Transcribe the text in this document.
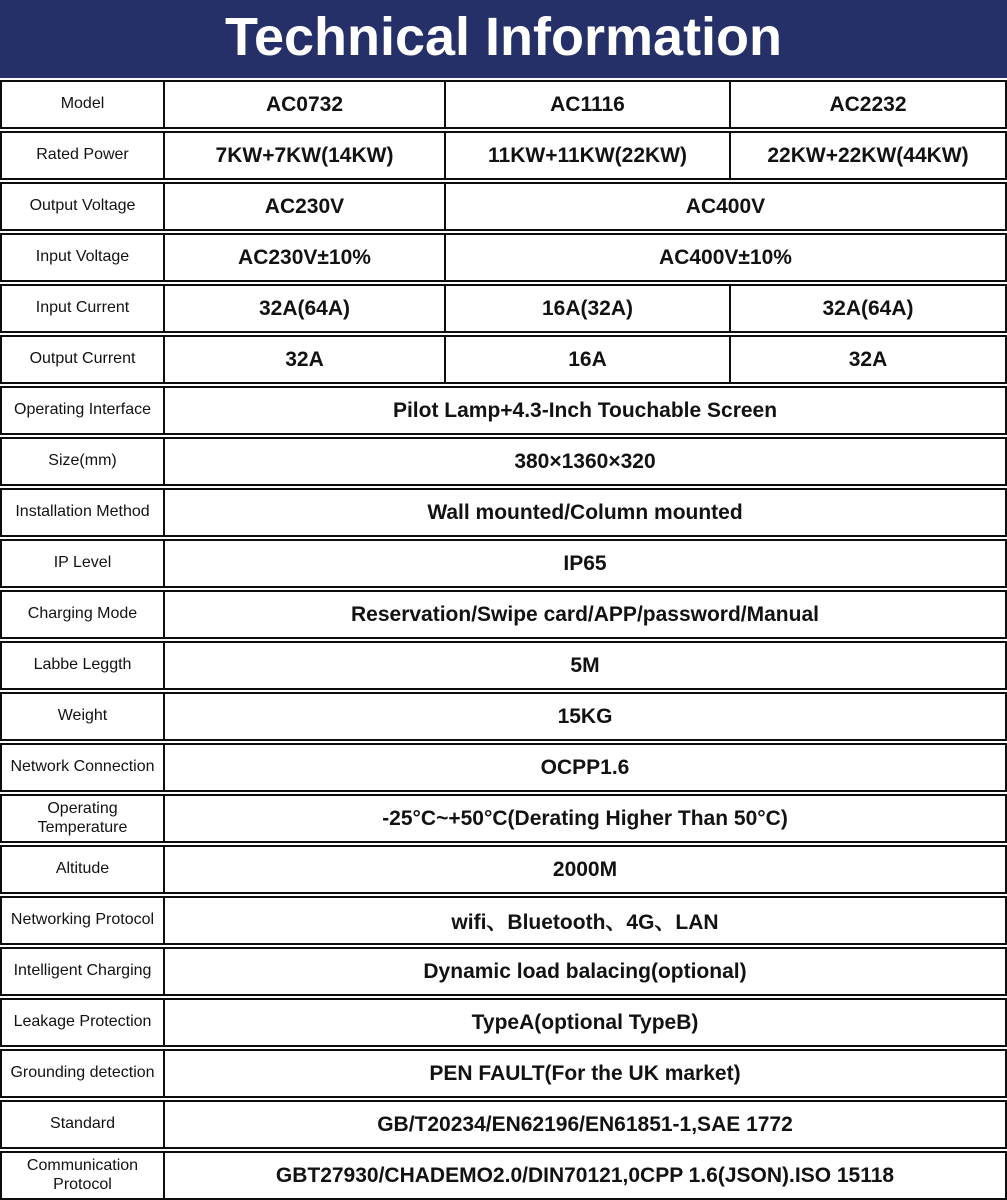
Technical Information
Model	AC0732	AC1116	AC2232
Rated Power	7KW+7KW(14KW)	11KW+11KW(22KW)	22KW+22KW(44KW)
Output Voltage	AC230V	AC400V
Input Voltage	AC230V±10%	AC400V±10%
Input Current	32A(64A)	16A(32A)	32A(64A)
Output Current	32A	16A	32A
Operating Interface	Pilot Lamp+4.3-Inch Touchable Screen
Size(mm)	380×1360×320
Installation Method	Wall mounted/Column mounted
IP Level	IP65
Charging Mode	Reservation/Swipe card/APP/password/Manual
Labbe Leggth	5M
Weight	15KG
Network Connection	OCPP1.6
Operating Temperature	-25°C~+50°C(Derating Higher Than 50°C)
Altitude	2000M
Networking Protocol	wifi、Bluetooth、4G、LAN
Intelligent Charging	Dynamic load balacing(optional)
Leakage Protection	TypeA(optional TypeB)
Grounding detection	PEN FAULT(For the UK market)
Standard	GB/T20234/EN62196/EN61851-1,SAE 1772
Communication Protocol	GBT27930/CHADEMO2.0/DIN70121,0CPP 1.6(JSON).ISO 15118
